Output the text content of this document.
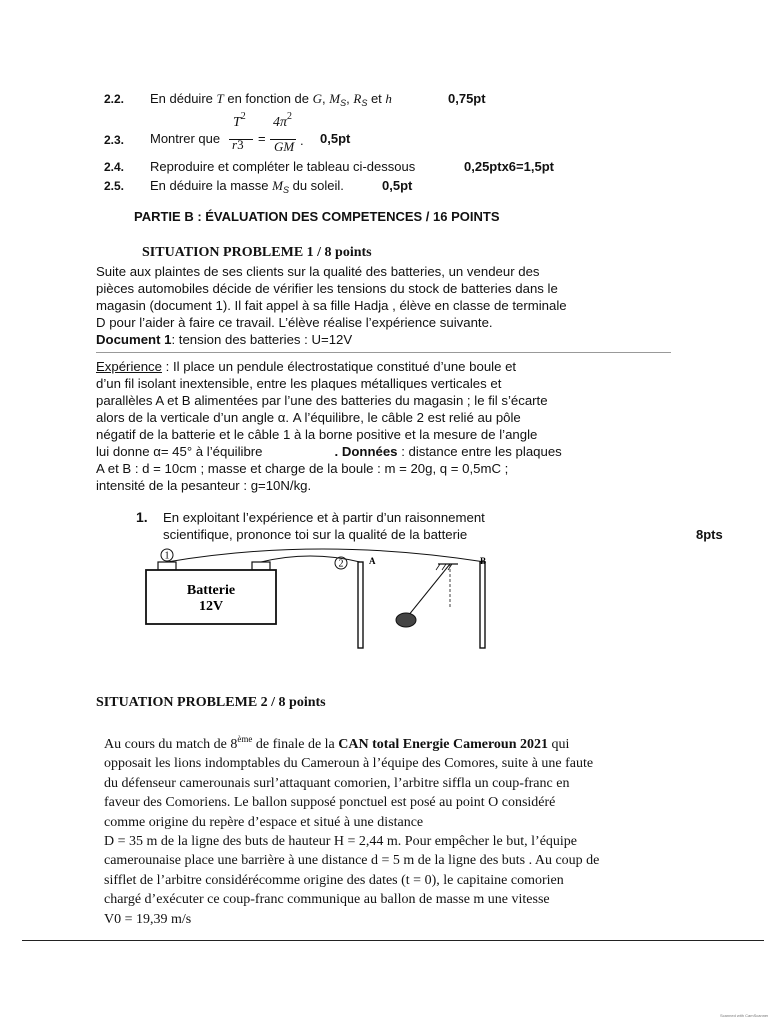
2.2. En déduire T en fonction de G, $M_S$, $R_S$ et h	0,75pt
$T^2$ $4\pi^2$
2.3. Montrer que r3 =
GM . 0,5pt
2.4. Reproduire et compléter le tableau ci-dessous	0,25ptx6=1,5pt
2.5. En déduire la masse $M_S$ du soleil.	0,5pt
PARTIE B : ÉVALUATION DES COMPETENCES / 16 POINTS
SITUATION PROBLEME 1 / 8 points
Suite aux plaintes de ses clients sur la qualité des batteries, un vendeur des
pièces automobiles décide de vérifier les tensions du stock de batteries dans le
magasin (document 1). Il fait appel à sa fille Hadja , élève en classe de terminale
D pour l’aider à faire ce travail. L’élève réalise l’expérience suivante.
Document 1: tension des batteries : U=12V
Expérience : Il place un pendule électrostatique constitué d’une boule et
d’un fil isolant inextensible, entre les plaques métalliques verticales et
parallèles A et B alimentées par l’une des batteries du magasin ; le fil s’écarte
alors de la verticale d’un angle α. A l’équilibre, le câble 2 est relié au pôle
négatif de la batterie et le câble 1 à la borne positive et la mesure de l’angle
lui donne α= 45° à l’équilibre	. Données : distance entre les plaques
A et B : d = 10cm ; masse et charge de la boule : m = 20g, q = 0,5mC ;
intensité de la pesanteur : g=10N/kg.
1. En exploitant l’expérience et à partir d’un raisonnement
scientifique, prononce toi sur la qualité de la batterie	8pts
Batterie
12V
1
2	A	B
SITUATION PROBLEME 2 / 8 points
Au cours du match de 8ème de finale de la CAN total Energie Cameroun 2021 qui
opposait les lions indomptables du Cameroun à l’équipe des Comores, suite à une faute
du défenseur camerounais surl’attaquant comorien, l’arbitre siffla un coup-franc en
faveur des Comoriens. Le ballon supposé ponctuel est posé au point O considéré
comme origine du repère d’espace et situé à une distance
D = 35 m de la ligne des buts de hauteur H = 2,44 m. Pour empêcher le but, l’équipe
camerounaise place une barrière à une distance d = 5 m de la ligne des buts . Au coup de
sifflet de l’arbitre considérécomme origine des dates (t = 0), le capitaine comorien
chargé d’exécuter ce coup-franc communique au ballon de masse m une vitesse
V0 = 19,39 m/s
Scanned with CamScanner
